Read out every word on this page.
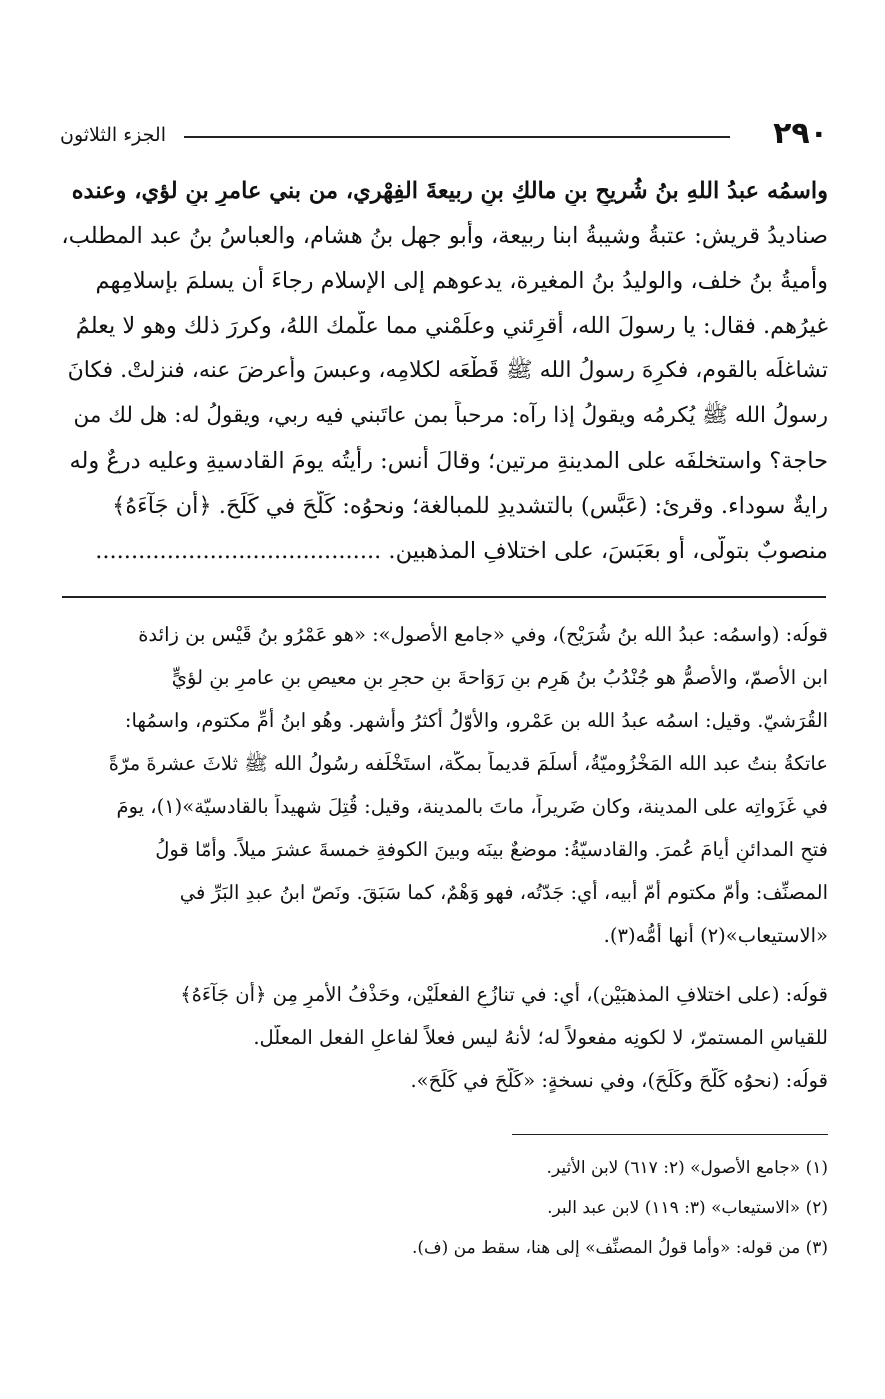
٢٩٠
الجزء الثلاثون
واسمُه عبدُ اللهِ بنُ شُريحِ بنِ مالكِ بنِ ربيعةَ الفِهْري، من بني عامرِ بنِ لؤي، وعنده
صناديدُ قريش: عتبةُ وشيبةُ ابنا ربيعة، وأبو جهل بنُ هشام، والعباسُ بنُ عبد المطلب،
وأميةُ بنُ خلف، والوليدُ بنُ المغيرة، يدعوهم إلى الإسلام رجاءَ أن يسلمَ بإسلامِهم
غيرُهم. فقال: يا رسولَ الله، أَقرِئني وعلِّمْني مما علَّمك اللهُ، وكررَ ذلك وهو لا يعلمُ
تشاغلَه بالقوم، فكرِهَ رسولُ الله ﷺ قَطْعَه لكلامِه، وعبسَ وأعرضَ عنه، فنزلتْ. فكانَ
رسولُ الله ﷺ يُكرمُه ويقولُ إذا رآه: مرحباً بمن عاتَبني فيه ربي، ويقولُ له: هل لك من
حاجة؟ واستخلفَه على المدينةِ مرتين؛ وقالَ أنس: رأيتُه يومَ القادسيةِ وعليه درعٌ وله
رايةٌ سوداء. وقرئ: (عَبَّس) بالتشديدِ للمبالغة؛ ونحوُه: كَلَّحَ في كَلَحَ. ﴿أَن جَآءَهُ﴾
منصوبٌ بتولّى، أو بعَبَسَ، على اختلافِ المذهبين. ........................................
قولُه: (واسمُه: عبدُ الله بنُ شُرَيْح)، وفي «جامع الأصول»: «هو عَمْرُو بنُ قَيْس بن زائدة
ابن الأصمّ، والأصمُّ هو جُنْدُبُ بنُ هَرِم بنِ رَوَاحةَ بنِ حجرِ بنِ معيصِ بنِ عامرِ بنِ لؤيٍّ
القُرَشيّ. وقيل: اسمُه عبدُ الله بن عَمْرو، والأوّلُ أكثرُ وأشهر. وهُو ابنُ أُمِّ مكتوم، واسمُها:
عاتكةُ بنتُ عبد الله المَخْزُوميّةُ، أسلَمَ قديماً بمكّة، استَخْلَفه رسُولُ الله ﷺ ثلاثَ عشرةَ مرّةً
في غَزَواتِه على المدينة، وكان ضَريراً، ماتَ بالمدينة، وقيل: قُتِلَ شهيداً بالقادسيّة»(١)، يومَ
فتحِ المدائنِ أيامَ عُمرَ. والقادسيّةُ: موضعٌ بينَه وبينَ الكوفةِ خمسةَ عشرَ ميلاً. وأمّا قولُ
المصنِّف: وأُمّ مكتوم أُمّ أبيه، أي: جَدّتُه، فهو وَهْمٌ، كما سَبَقَ. ونَصّ ابنُ عبدِ البَرِّ في
«الاستيعاب»(٢) أنها أُمُّه(٣).
قولُه: (على اختلافِ المذهبَيْن)، أي: في تنازُعِ الفعلَيْن، وحَذْفُ الأمرِ مِن ﴿أَن جَآءَهُ﴾
للقياسِ المستمرّ، لا لكونِه مفعولاً له؛ لأنهُ ليس فعلاً لفاعلِ الفعل المعلَّل.
قولُه: (نحوُه كَلَّحَ وكَلَحَ)، وفي نسخةٍ: «كَلَّحَ في كَلَحَ».
(١) «جامع الأصول» (٢: ٦١٧) لابن الأثير.
(٢) «الاستيعاب» (٣: ١١٩) لابن عبد البر.
(٣) من قوله: «وأما قولُ المصنِّف» إلى هنا، سقط من (ف).
